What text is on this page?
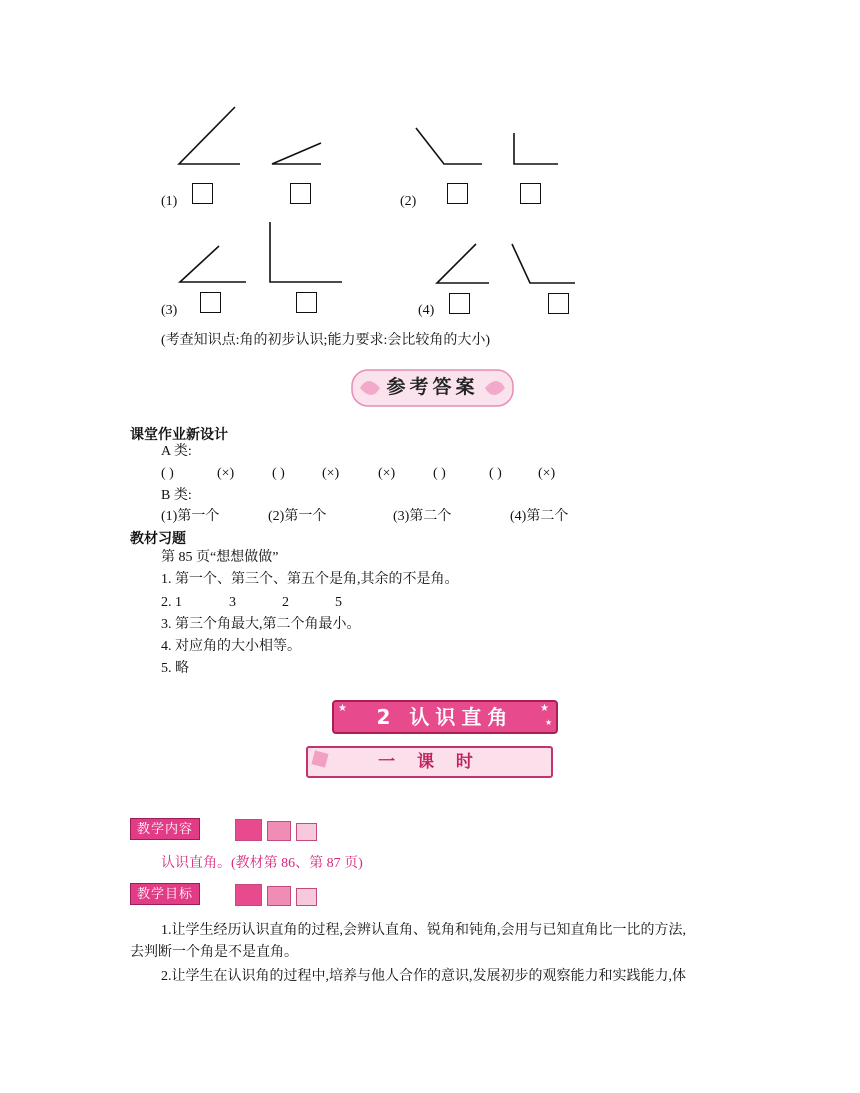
(1)	(2)
(3)	(4)
(考查知识点:角的初步认识;能力要求:会比较角的大小)
参考答案
课堂作业新设计
A 类:
( )	(×)	( )	(×)	(×)	( )	( )	(×)
B 类:
(1)第一个	(2)第一个	(3)第二个	(4)第二个
教材习题
第 85 页“想想做做”
1. 第一个、第三个、第五个是角,其余的不是角。
2. 1	3	2	5
3. 第三个角最大,第二个角最小。
4. 对应角的大小相等。
5. 略
2 认识直角
★	★
★
一 课 时
教学内容
认识直角。(教材第 86、第 87 页)
教学目标
1.让学生经历认识直角的过程,会辨认直角、锐角和钝角,会用与已知直角比一比的方法,
去判断一个角是不是直角。
2.让学生在认识角的过程中,培养与他人合作的意识,发展初步的观察能力和实践能力,体
